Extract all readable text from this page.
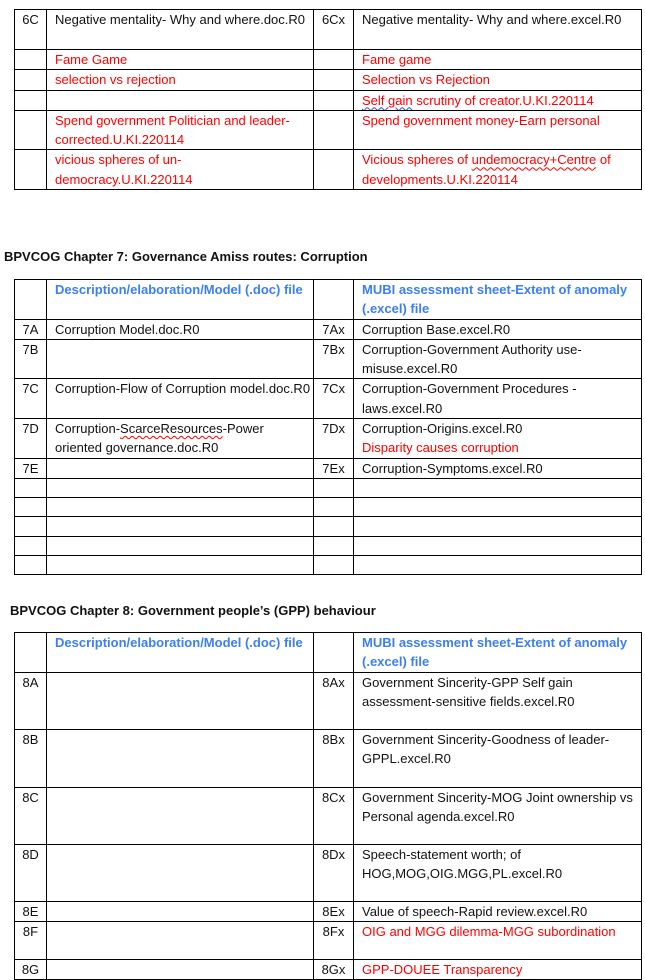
6C	Negative mentality- Why and where.doc.R0	6Cx	Negative mentality- Why and where.excel.R0
	Fame Game		Fame game
	selection vs rejection		Selection vs Rejection
			Self gain scrutiny of creator.U.KI.220114
	Spend government Politician and leader-corrected.U.KI.220114		Spend government money-Earn personal
	vicious spheres of un-democracy.U.KI.220114		Vicious spheres of undemocracy+Centre of developments.U.KI.220114
BPVCOG Chapter 7: Governance Amiss routes: Corruption
	Description/elaboration/Model (.doc) file		MUBI assessment sheet-Extent of anomaly (.excel) file
7A	Corruption Model.doc.R0	7Ax	Corruption Base.excel.R0
7B		7Bx	Corruption-Government Authority use-misuse.excel.R0
7C	Corruption-Flow of Corruption model.doc.R0	7Cx	Corruption-Government Procedures -laws.excel.R0
7D	Corruption-ScarceResources-Power oriented governance.doc.R0	7Dx	Corruption-Origins.excel.R0
Disparity causes corruption

7E		7Ex	Corruption-Symptoms.excel.R0

BPVCOG Chapter 8: Government people’s (GPP) behaviour
	Description/elaboration/Model (.doc) file		MUBI assessment sheet-Extent of anomaly (.excel) file
8A		8Ax	Government Sincerity-GPP Self gain assessment-sensitive fields.excel.R0
8B		8Bx	Government Sincerity-Goodness of leader-GPPL.excel.R0
8C		8Cx	Government Sincerity-MOG Joint ownership vs Personal agenda.excel.R0
8D		8Dx	Speech-statement worth; of HOG,MOG,OIG.MGG,PL.excel.R0
8E		8Ex	Value of speech-Rapid review.excel.R0
8F		8Fx	OIG and MGG dilemma-MGG subordination
8G		8Gx	GPP-DOUEE Transparency
